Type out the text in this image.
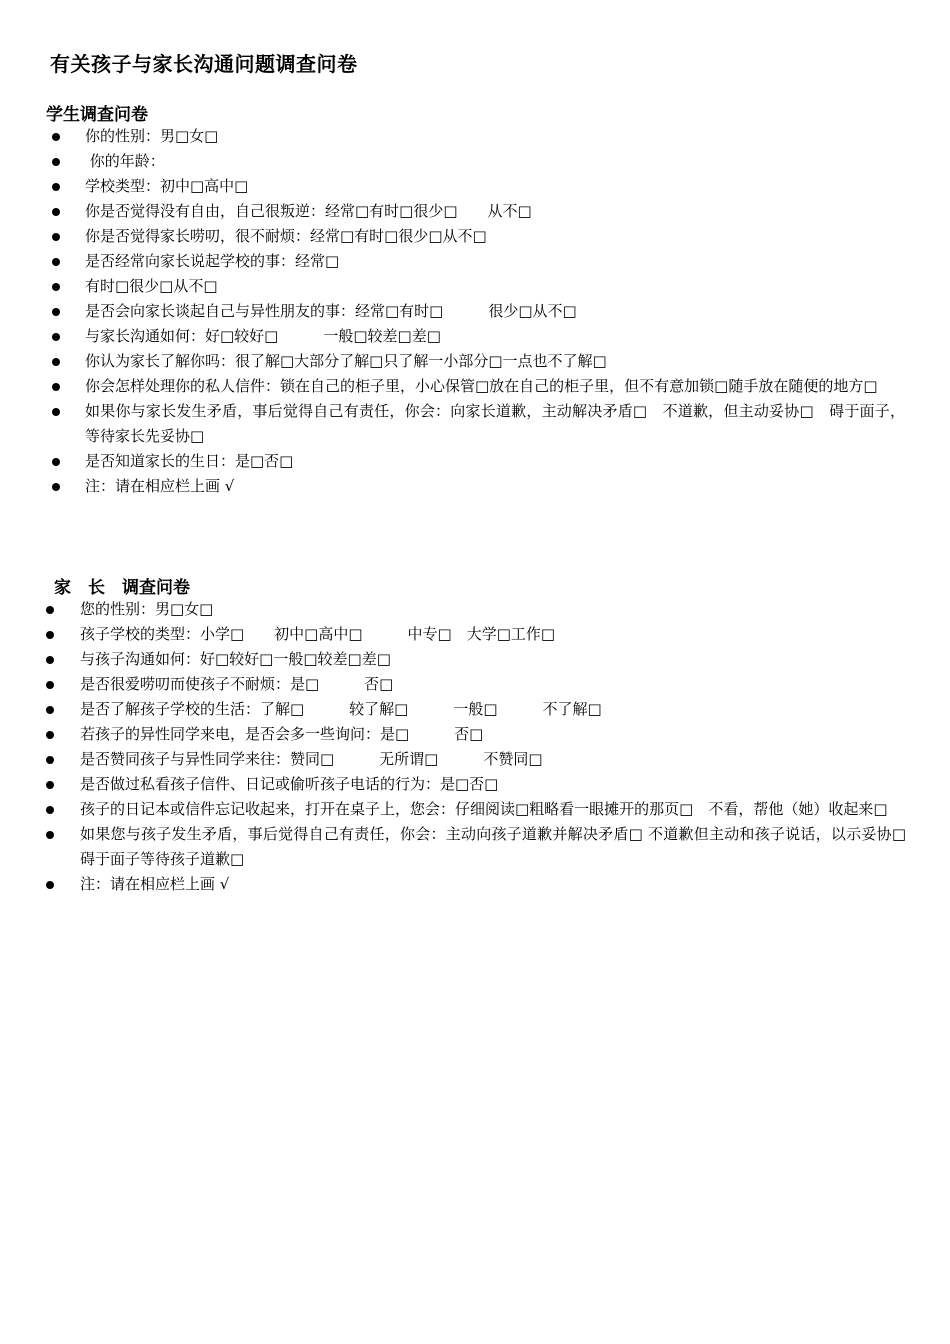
有关孩子与家长沟通问题调查问卷
学生调查问卷
你的性别：男□女□
你的年龄：
学校类型：初中□高中□
你是否觉得没有自由，自己很叛逆：经常□有时□很少□　　从不□
你是否觉得家长唠叨，很不耐烦：经常□有时□很少□从不□
是否经常向家长说起学校的事：经常□
有时□很少□从不□
是否会向家长谈起自己与异性朋友的事：经常□有时□　　　很少□从不□
与家长沟通如何：好□较好□　　　一般□较差□差□
你认为家长了解你吗：很了解□大部分了解□只了解一小部分□一点也不了解□
你会怎样处理你的私人信件：锁在自己的柜子里，小心保管□放在自己的柜子里，但不有意加锁□随手放在随便的地方□
如果你与家长发生矛盾，事后觉得自己有责任，你会：向家长道歉，主动解决矛盾□　不道歉，但主动妥协□　碍于面子，等待家长先妥协□
是否知道家长的生日：是□否□
注：请在相应栏上画 √
家　长　调查问卷
您的性别：男□女□
孩子学校的类型：小学□　　初中□高中□　　　中专□　大学□工作□
与孩子沟通如何：好□较好□一般□较差□差□
是否很爱唠叨而使孩子不耐烦：是□　　　否□
是否了解孩子学校的生活：了解□　　　较了解□　　　一般□　　　不了解□
若孩子的异性同学来电，是否会多一些询问：是□　　　否□
是否赞同孩子与异性同学来往：赞同□　　　无所谓□　　　不赞同□
是否做过私看孩子信件、日记或偷听孩子电话的行为：是□否□
孩子的日记本或信件忘记收起来，打开在桌子上，您会：仔细阅读□粗略看一眼摊开的那页□　不看，帮他（她）收起来□
如果您与孩子发生矛盾，事后觉得自己有责任，你会：主动向孩子道歉并解决矛盾□ 不道歉但主动和孩子说话，以示妥协□碍于面子等待孩子道歉□
注：请在相应栏上画 √
